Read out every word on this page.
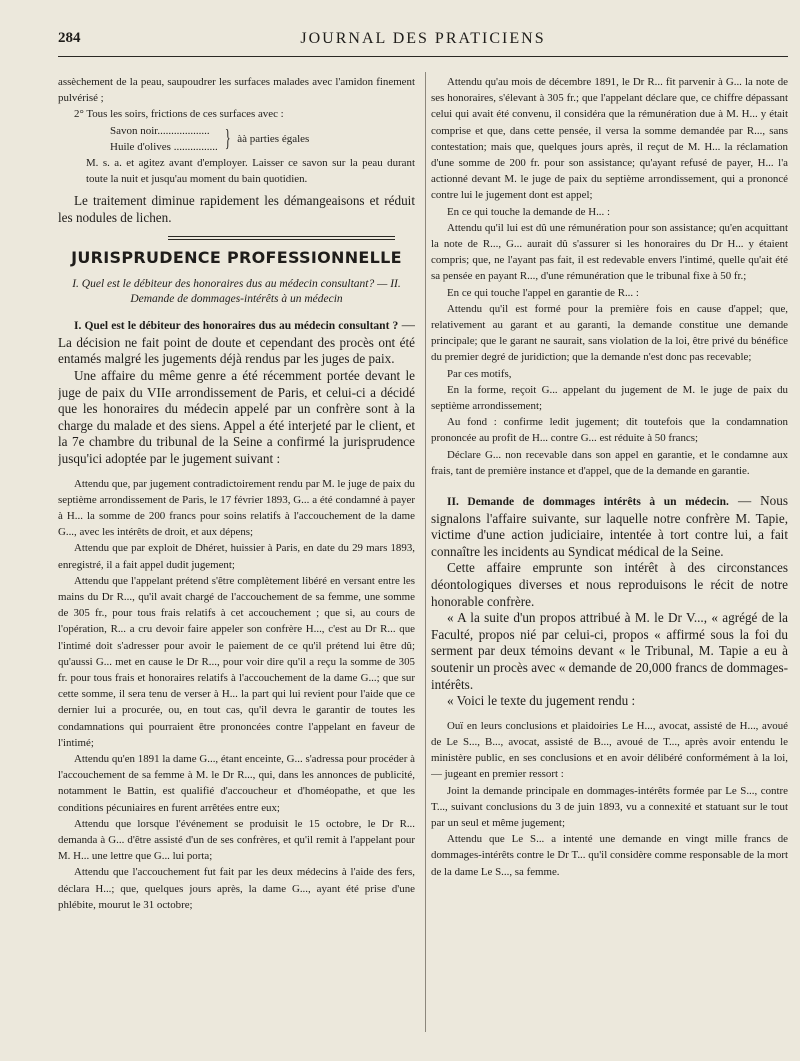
284	JOURNAL DES PRATICIENS

assèchement de la peau, saupoudrer les surfaces malades avec l'amidon finement pulvérisé ;

2° Tous les soirs, frictions de ces surfaces avec :

Savon noir...................
Huile d'olives ................ } àà parties égales

M. s. a. et agitez avant d'employer. Laisser ce savon sur la peau durant toute la nuit et jusqu'au moment du bain quotidien.

Le traitement diminue rapidement les démangeaisons et réduit les nodules de lichen.

JURISPRUDENCE PROFESSIONNELLE

I. Quel est le débiteur des honoraires dus au médecin consultant? — II. Demande de dommages-intérêts à un médecin

I. Quel est le débiteur des honoraires dus au médecin consultant ? — La décision ne fait point de doute et cependant des procès ont été entamés malgré les jugements déjà rendus par les juges de paix.

Une affaire du même genre a été récemment portée devant le juge de paix du VIIe arrondissement de Paris, et celui-ci a décidé que les honoraires du médecin appelé par un confrère sont à la charge du malade et des siens. Appel a été interjeté par le client, et la 7e chambre du tribunal de la Seine a confirmé la jurisprudence jusqu'ici adoptée par le jugement suivant :

Attendu que, par jugement contradictoirement rendu par M. le juge de paix du septième arrondissement de Paris, le 17 février 1893, G... a été condamné à payer à H... la somme de 200 francs pour soins relatifs à l'accouchement de la dame G..., avec les intérêts de droit, et aux dépens;

Attendu que par exploit de Dhéret, huissier à Paris, en date du 29 mars 1893, enregistré, il a fait appel dudit jugement;

Attendu que l'appelant prétend s'être complètement libéré en versant entre les mains du Dr R..., qu'il avait chargé de l'accouchement de sa femme, une somme de 305 fr., pour tous frais relatifs à cet accouchement ; que si, au cours de l'opération, R... a cru devoir faire appeler son confrère H..., c'est au Dr R... que l'intimé doit s'adresser pour avoir le paiement de ce qu'il prétend lui être dû; qu'aussi G... met en cause le Dr R..., pour voir dire qu'il a reçu la somme de 305 fr. pour tous frais et honoraires relatifs à l'accouchement de la dame G...; que sur cette somme, il sera tenu de verser à H... la part qui lui revient pour l'aide que ce dernier lui a procurée, ou, en tout cas, qu'il devra le garantir de toutes les condamnations qui pourraient être prononcées contre l'appelant en faveur de l'intimé;

Attendu qu'en 1891 la dame G..., étant enceinte, G... s'adressa pour procéder à l'accouchement de sa femme à M. le Dr R..., qui, dans les annonces de publicité, notamment le Battin, est qualifié d'accoucheur et d'homéopathe, et que les conditions pécuniaires en furent arrêtées entre eux;

Attendu que lorsque l'événement se produisit le 15 octobre, le Dr R... demanda à G... d'être assisté d'un de ses confrères, et qu'il remit à l'appelant pour M. H... une lettre que G... lui porta;

Attendu que l'accouchement fut fait par les deux médecins à l'aide des fers, déclara H...; que, quelques jours après, la dame G..., ayant été prise d'une phlébite, mourut le 31 octobre;

Attendu qu'au mois de décembre 1891, le Dr R... fit parvenir à G... la note de ses honoraires, s'élevant à 305 fr.; que l'appelant déclare que, ce chiffre dépassant celui qui avait été convenu, il considéra que la rémunération due à M. H... y était comprise et que, dans cette pensée, il versa la somme demandée par R..., sans contestation; mais que, quelques jours après, il reçut de M. H... la réclamation d'une somme de 200 fr. pour son assistance; qu'ayant refusé de payer, H... l'a actionné devant M. le juge de paix du septième arrondissement, qui a prononcé contre lui le jugement dont est appel;

En ce qui touche la demande de H... :

Attendu qu'il lui est dû une rémunération pour son assistance; qu'en acquittant la note de R..., G... aurait dû s'assurer si les honoraires du Dr H... y étaient compris; que, ne l'ayant pas fait, il est redevable envers l'intimé, quelle qu'ait été sa pensée en payant R..., d'une rémunération que le tribunal fixe à 50 fr.;

En ce qui touche l'appel en garantie de R... :

Attendu qu'il est formé pour la première fois en cause d'appel; que, relativement au garant et au garanti, la demande constitue une demande principale; que le garant ne saurait, sans violation de la loi, être privé du bénéfice du premier degré de juridiction; que la demande n'est donc pas recevable;

Par ces motifs,

En la forme, reçoit G... appelant du jugement de M. le juge de paix du septième arrondissement;

Au fond : confirme ledit jugement; dit toutefois que la condamnation prononcée au profit de H... contre G... est réduite à 50 francs;

Déclare G... non recevable dans son appel en garantie, et le condamne aux frais, tant de première instance et d'appel, que de la demande en garantie.

II. Demande de dommages intérêts à un médecin. — Nous signalons l'affaire suivante, sur laquelle notre confrère M. Tapie, victime d'une action judiciaire, intentée à tort contre lui, a fait connaître les incidents au Syndicat médical de la Seine.

Cette affaire emprunte son intérêt à des circonstances déontologiques diverses et nous reproduisons le récit de notre honorable confrère.

« A la suite d'un propos attribué à M. le Dr V..., « agrégé de la Faculté, propos nié par celui-ci, propos « affirmé sous la foi du serment par deux témoins devant « le Tribunal, M. Tapie a eu à soutenir un procès avec « demande de 20,000 francs de dommages-intérêts.

« Voici le texte du jugement rendu :

Ouï en leurs conclusions et plaidoiries Le H..., avocat, assisté de H..., avoué de Le S..., B..., avocat, assisté de B..., avoué de T..., après avoir entendu le ministère public, en ses conclusions et en avoir délibéré conformément à la loi, — jugeant en premier ressort :

Joint la demande principale en dommages-intérêts formée par Le S..., contre T..., suivant conclusions du 3 de juin 1893, vu a connexité et statuant sur le tout par un seul et même jugement;

Attendu que Le S... a intenté une demande en vingt mille francs de dommages-intérêts contre le Dr T... qu'il considère comme responsable de la mort de la dame Le S..., sa femme.
